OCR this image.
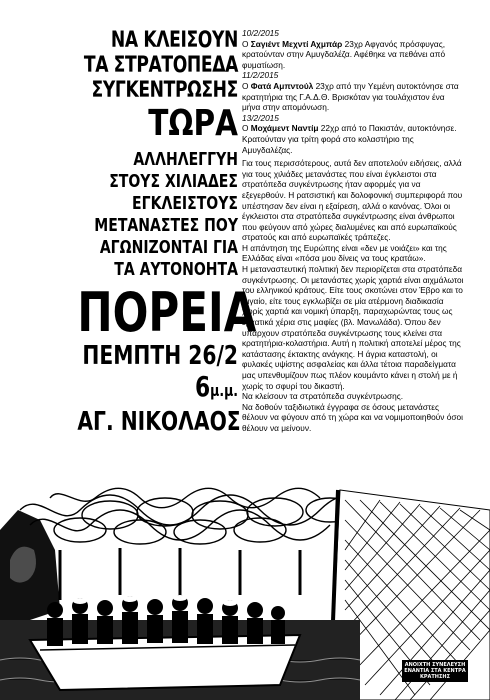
ΝΑ ΚΛΕΙΣΟΥΝ
ΤΑ ΣΤΡΑΤΟΠΕΔΑ
ΣΥΓΚΕΝΤΡΩΣΗΣ
ΤΩΡΑ
ΑΛΛΗΛΕΓΓΥΗ
ΣΤΟΥΣ ΧΙΛΙΑΔΕΣ
ΕΓΚΛΕΙΣΤΟΥΣ
ΜΕΤΑΝΑΣΤΕΣ ΠΟΥ
ΑΓΩΝΙΖΟΝΤΑΙ ΓΙΑ
ΤΑ ΑΥΤΟΝΟΗΤΑ
ΠΟΡΕΙΑ
ΠΕΜΠΤΗ 26/2
6μ.μ.
ΑΓ. ΝΙΚΟΛΑΟΣ

10/2/2015

Ο Σαγιέντ Μεχντί Αχμπάρ 23χρ Αφγανός πρόσφυγας, κρατούνταν στην Αμυγδαλέζα. Αφέθηκε να πεθάνει από φυματίωση.

11/2/2015

Ο Φατά Αμπντούλ 23χρ από την Υεμένη αυτοκτόνησε στα κρατητήρια της Γ.Α.Δ.Θ. Βρισκόταν για τουλάχιστον ένα μήνα στην απομόνωση.

13/2/2015

Ο Μοχάμεντ Ναντίμ 22χρ από το Πακιστάν, αυτοκτόνησε. Κρατούνταν για τρίτη φορά στο κολαστήριο της Αμυγδαλέζας.

Για τους περισσότερους, αυτά δεν αποτελούν ειδήσεις, αλλά για τους χιλιάδες μετανάστες που είναι έγκλειστοι στα στρατόπεδα συγκέντρωσης ήταν αφορμές για να εξεγερθούν. Η ρατσιστική και δολοφονική συμπεριφορά που υπέστησαν δεν είναι η εξαίρεση, αλλά ο κανόνας. Όλοι οι έγκλειστοι στα στρατόπεδα συγκέντρωσης είναι άνθρωποι που φεύγουν από χώρες διαλυμένες και από ευρωπαϊκούς στρατούς και από ευρωπαϊκές τράπεζες.

Η απάντηση της Ευρώπης είναι «δεν με νοιάζει» και της Ελλάδας είναι «πόσα μου δίνεις να τους κρατάω».

Η μεταναστευτική πολιτική δεν περιορίζεται στα στρατόπεδα συγκέντρωσης. Οι μετανάστες χωρίς χαρτιά είναι αιχμάλωτοι του ελληνικού κράτους. Είτε τους σκοτώνει στον Έβρο και το Αιγαίο, είτε τους εγκλωβίζει σε μία ατέρμονη διαδικασία χωρίς χαρτιά και νομική ύπαρξη, παραχωρώντας τους ως εργατικά χέρια στις μαφίες (βλ. Μανωλάδα). Όπου δεν υπάρχουν στρατόπεδα συγκέντρωσης τους κλείνει στα κρατητήρια-κολαστήρια. Αυτή η πολιτική αποτελεί μέρος της κατάστασης έκτακτης ανάγκης. Η άγρια καταστολή, οι φυλακές υψίστης ασφαλείας και άλλα τέτοια παραδείγματα μας υπενθυμίζουν πως πλέον κουμάντο κάνει η στολή με ή χωρίς το σφυρί του δικαστή.

Να κλείσουν τα στρατόπεδα συγκέντρωσης.

Να δοθούν ταξιδιωτικά έγγραφα σε όσους μετανάστες θέλουν να φύγουν από τη χώρα και να νομιμοποιηθούν όσοι θέλουν να μείνουν.

ΑΝΟΙΧΤΗ ΣΥΝΕΛΕΥΣΗ ΕΝΑΝΤΙΑ ΣΤΑ ΚΕΝΤΡΑ ΚΡΑΤΗΣΗΣ
